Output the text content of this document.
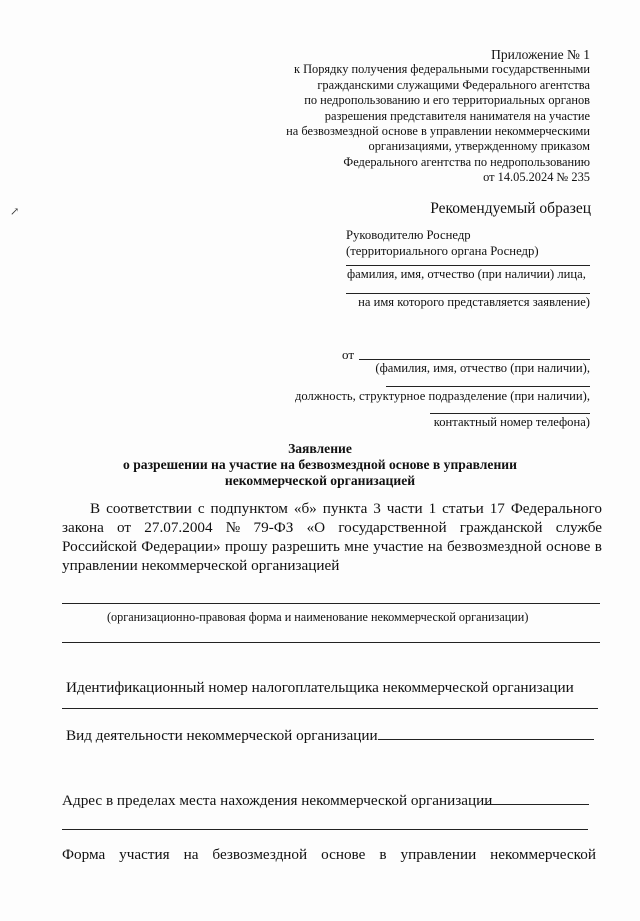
↗
Приложение № 1
к Порядку получения федеральными государственными
гражданскими служащими Федерального агентства
по недропользованию и его территориальных органов
разрешения представителя нанимателя на участие
на безвозмездной основе в управлении некоммерческими
организациями, утвержденному приказом
Федерального агентства по недропользованию
от 14.05.2024 № 235
Рекомендуемый образец
Руководителю Роснедр
(территориального органа Роснедр)
фамилия, имя, отчество (при наличии) лица,
на имя которого представляется заявление)
от
(фамилия, имя, отчество (при наличии),
должность, структурное подразделение (при наличии),
контактный номер телефона)
Заявление
о разрешении на участие на безвозмездной основе в управлении
некоммерческой организацией
В соответствии с подпунктом «б» пункта 3 части 1 статьи 17 Федерального
закона от 27.07.2004 № 79-ФЗ «О государственной гражданской службе
Российской Федерации» прошу разрешить мне участие на безвозмездной основе в
управлении некоммерческой организацией
(организационно-правовая форма и наименование некоммерческой организации)
Идентификационный номер налогоплательщика некоммерческой организации
Вид деятельности некоммерческой организации
Адрес в пределах места нахождения некоммерческой организации
Форма участия на безвозмездной основе в управлении некоммерческой
